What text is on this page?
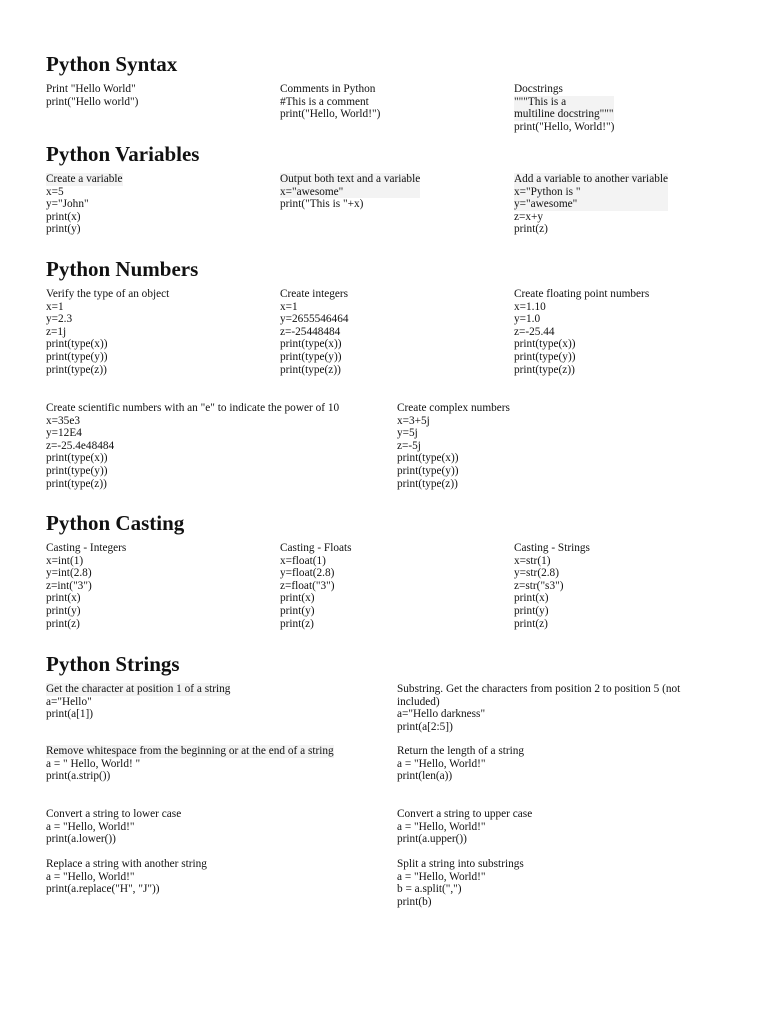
Python Syntax
Print "Hello World"
print("Hello world")
Comments in Python
#This is a comment
print("Hello, World!")
Docstrings
"""This is a
multiline docstring"""
print("Hello, World!")
Python Variables
Create a variable
x=5
y="John"
print(x)
print(y)
Output both text and a variable
x="awesome"
print("This is "+x)
Add a variable to another variable
x="Python is "
y="awesome"
z=x+y
print(z)
Python Numbers
Verify the type of an object
x=1
y=2.3
z=1j
print(type(x))
print(type(y))
print(type(z))
Create integers
x=1
y=2655546464
z=-25448484
print(type(x))
print(type(y))
print(type(z))
Create floating point numbers
x=1.10
y=1.0
z=-25.44
print(type(x))
print(type(y))
print(type(z))
Create scientific numbers with an "e" to indicate the power of 10
x=35e3
y=12E4
z=-25.4e48484
print(type(x))
print(type(y))
print(type(z))
Create complex numbers
x=3+5j
y=5j
z=-5j
print(type(x))
print(type(y))
print(type(z))
Python Casting
Casting - Integers
x=int(1)
y=int(2.8)
z=int("3")
print(x)
print(y)
print(z)
Casting - Floats
x=float(1)
y=float(2.8)
z=float("3")
print(x)
print(y)
print(z)
Casting - Strings
x=str(1)
y=str(2.8)
z=str("s3")
print(x)
print(y)
print(z)
Python Strings
Get the character at position 1 of a string
a="Hello"
print(a[1])
Substring. Get the characters from position 2 to position 5 (not included)
a="Hello darkness"
print(a[2:5])
Remove whitespace from the beginning or at the end of a string
a = " Hello, World! "
print(a.strip())
Return the length of a string
a = "Hello, World!"
print(len(a))
Convert a string to lower case
a = "Hello, World!"
print(a.lower())
Convert a string to upper case
a = "Hello, World!"
print(a.upper())
Replace a string with another string
a = "Hello, World!"
print(a.replace("H", "J"))
Split a string into substrings
a = "Hello, World!"
b = a.split(",")
print(b)
